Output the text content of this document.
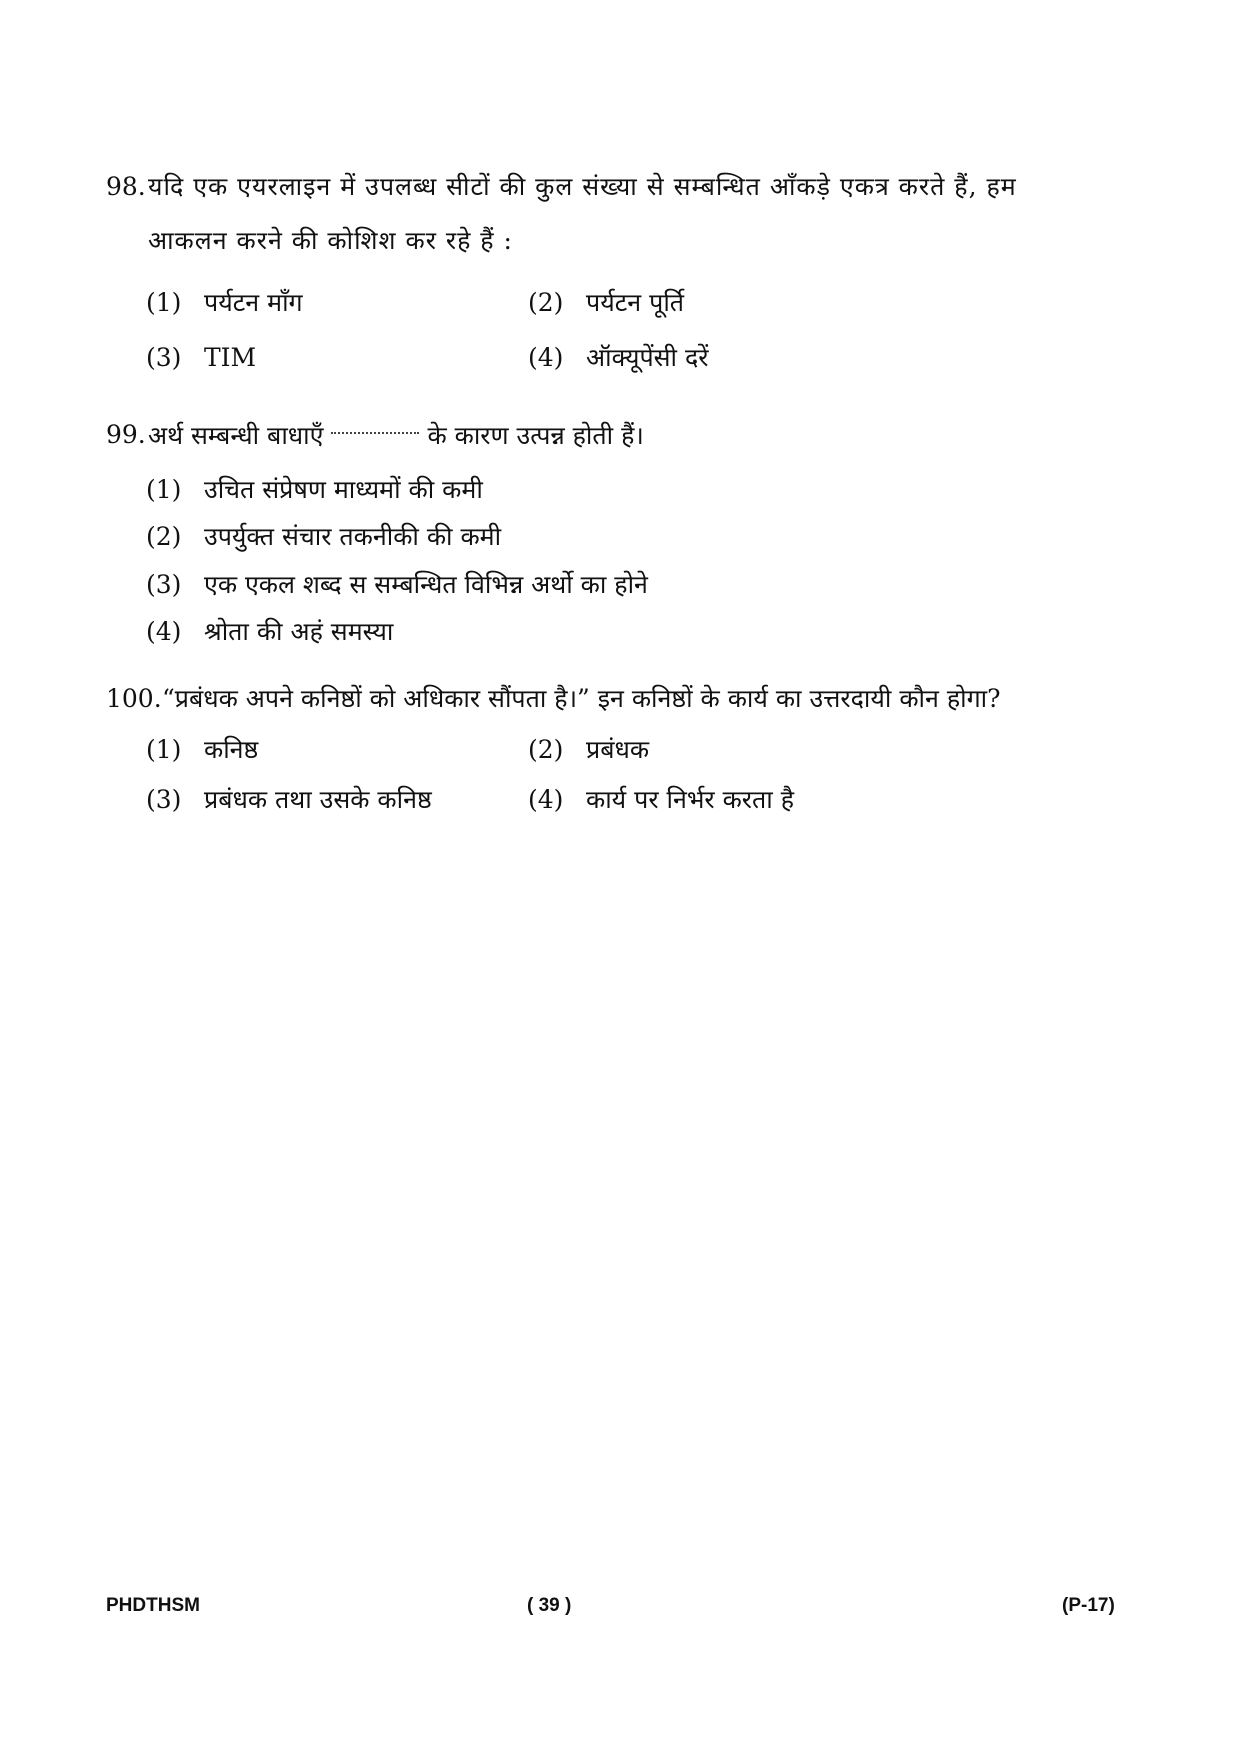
98. यदि एक एयरलाइन में उपलब्ध सीटों की कुल संख्या से सम्बन्धित आँकड़े एकत्र करते हैं, हम
आकलन करने की कोशिश कर रहे हैं :
(1) पर्यटन माँग	(2) पर्यटन पूर्ति
(3) TIM	(4) ऑक्यूपेंसी दरें
99. अर्थ सम्बन्धी बाधाएँ	के कारण उत्पन्न होती हैं।
(1) उचित संप्रेषण माध्यमों की कमी
(2) उपर्युक्त संचार तकनीकी की कमी
(3) एक एकल शब्द स सम्बन्धित विभिन्न अर्थो का होने
(4) श्रोता की अहं समस्या
100. “प्रबंधक अपने कनिष्ठों को अधिकार सौंपता है।” इन कनिष्ठों के कार्य का उत्तरदायी कौन होगा?
(1) कनिष्ठ	(2) प्रबंधक
(3) प्रबंधक तथा उसके कनिष्ठ	(4) कार्य पर निर्भर करता है
PHDTHSM	( 39 )	(P-17)
